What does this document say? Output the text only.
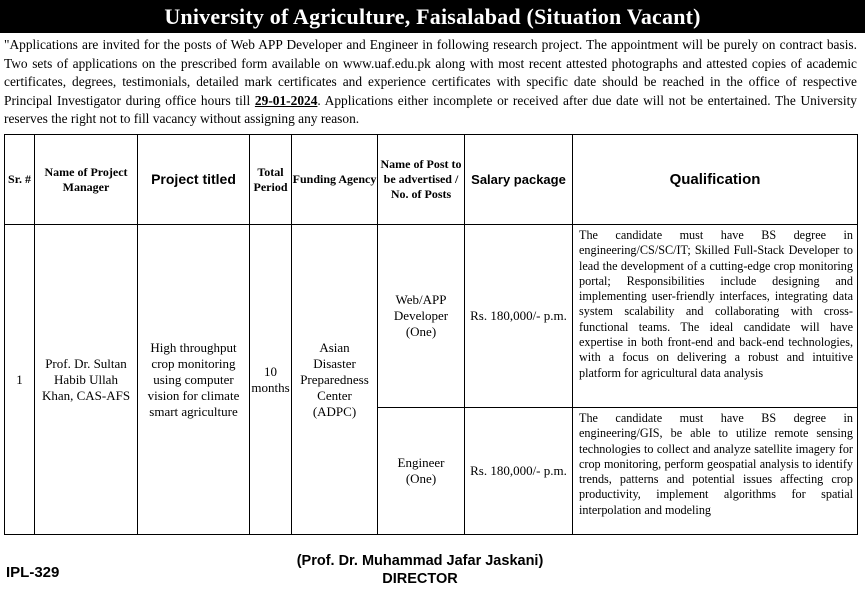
University of Agriculture, Faisalabad (Situation Vacant)
"Applications are invited for the posts of Web APP Developer and Engineer in following research project. The appointment will be purely on contract basis. Two sets of applications on the prescribed form available on www.uaf.edu.pk along with most recent attested photographs and attested copies of academic certificates, degrees, testimonials, detailed mark certificates and experience certificates with specific date should be reached in the office of respective Principal Investigator during office hours till 29-01-2024. Applications either incomplete or received after due date will not be entertained. The University reserves the right not to fill vacancy without assigning any reason.
Sr. #	Name of Project Manager	Project titled	Total Period	Funding Agency	Name of Post to be advertised / No. of Posts	Salary package	Qualification
1	Prof. Dr. Sultan Habib Ullah Khan, CAS-AFS	High throughput crop monitoring using computer vision for climate smart agriculture	10 months	Asian Disaster Preparedness Center (ADPC)	Web/APP Developer (One)	Rs. 180,000/- p.m.	The candidate must have BS degree in engineering/CS/SC/IT; Skilled Full-Stack Developer to lead the development of a cutting-edge crop monitoring portal; Responsibilities include designing and implementing user-friendly interfaces, integrating data system scalability and collaborating with cross-functional teams. The ideal candidate will have expertise in both front-end and back-end technologies, with a focus on delivering a robust and intuitive platform for agricultural data analysis
					Engineer (One)	Rs. 180,000/- p.m.	The candidate must have BS degree in engineering/GIS, be able to utilize remote sensing technologies to collect and analyze satellite imagery for crop monitoring, perform geospatial analysis to identify trends, patterns and potential issues affecting crop productivity, implement algorithms for spatial interpolation and modeling
IPL-329
(Prof. Dr. Muhammad Jafar Jaskani)
DIRECTOR
